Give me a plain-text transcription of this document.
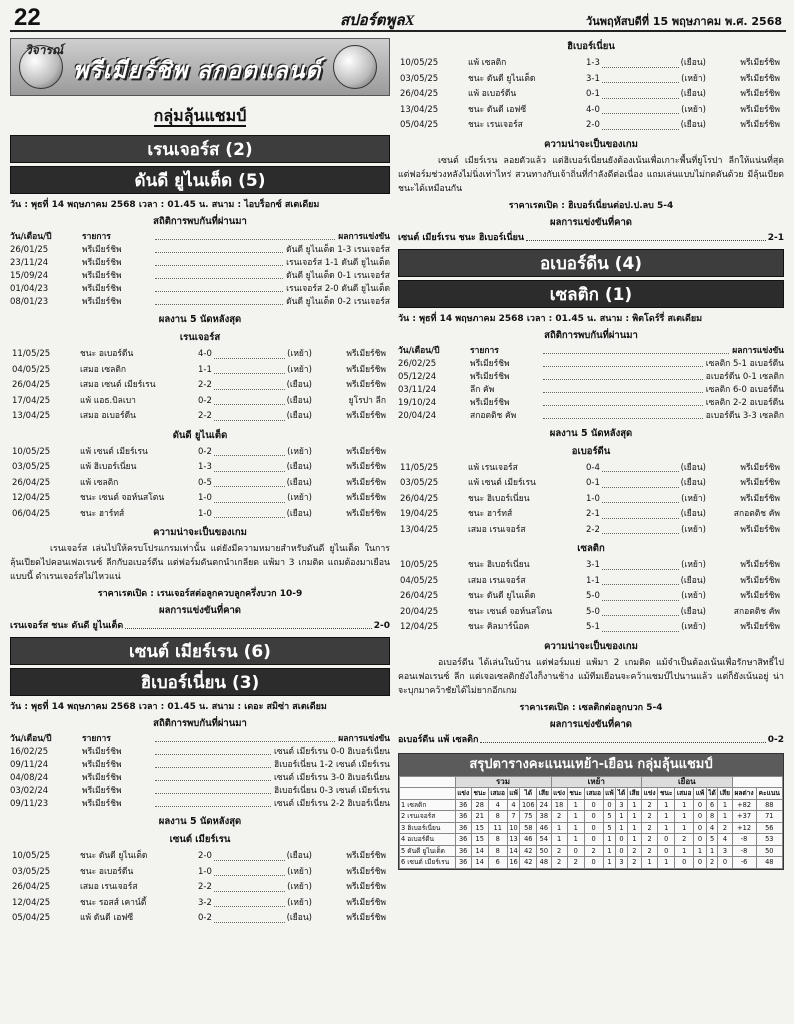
22	สปอร์ตพูลX	วันพฤหัสบดีที่ 15 พฤษภาคม พ.ศ. 2568
วิจารณ์
พรีเมียร์ชิพ สกอตแลนด์
กลุ่มลุ้นแชมป์
เรนเจอร์ส (2)
ดันดี ยูไนเต็ด (5)
วัน : พุธที่ 14 พฤษภาคม 2568 เวลา : 01.45 น. สนาม : ไอบร็อกซ์ สเตเดียม
สถิติการพบกันที่ผ่านมา
วัน/เดือน/ปี	รายการ	ผลการแข่งขัน
26/01/25	พรีเมียร์ชิพ	ดันดี ยูไนเต็ด 1-3 เรนเจอร์ส
23/11/24	พรีเมียร์ชิพ	เรนเจอร์ส 1-1 ดันดี ยูไนเต็ด
15/09/24	พรีเมียร์ชิพ	ดันดี ยูไนเต็ด 0-1 เรนเจอร์ส
01/04/23	พรีเมียร์ชิพ	เรนเจอร์ส 2-0 ดันดี ยูไนเต็ด
08/01/23	พรีเมียร์ชิพ	ดันดี ยูไนเต็ด 0-2 เรนเจอร์ส
ผลงาน 5 นัดหลังสุด
เรนเจอร์ส
11/05/25	ชนะ อเบอร์ดีน	4-0	(เหย้า)	พรีเมียร์ชิพ
04/05/25	เสมอ เซลติก	1-1	(เหย้า)	พรีเมียร์ชิพ
26/04/25	เสมอ เซนต์ เมียร์เรน	2-2	(เยือน)	พรีเมียร์ชิพ
17/04/25	แพ้ แอธ.บิลเบา	0-2	(เยือน)	ยูโรปา ลีก
13/04/25	เสมอ อเบอร์ดีน	2-2	(เยือน)	พรีเมียร์ชิพ
ดันดี ยูไนเต็ด
10/05/25	แพ้ เซนต์ เมียร์เรน	0-2	(เหย้า)	พรีเมียร์ชิพ
03/05/25	แพ้ ฮิเบอร์เนี่ยน	1-3	(เยือน)	พรีเมียร์ชิพ
26/04/25	แพ้ เซลติก	0-5	(เยือน)	พรีเมียร์ชิพ
12/04/25	ชนะ เซนต์ จอห์นสโตน	1-0	(เหย้า)	พรีเมียร์ชิพ
06/04/25	ชนะ ฮาร์ทส์	1-0	(เยือน)	พรีเมียร์ชิพ
ความน่าจะเป็นของเกม
เรนเจอร์ส เล่นไปให้ครบโปรแกรมเท่านั้น แต่ยังมีความหมายสำหรับดันดี ยูไนเต็ด ในการลุ้นเปียดไปคอนเฟอเรนซ์ ลีกกับอเบอร์ดีน แต่ฟอร์มดันตกนำเกลียด แพ้มา 3 เกมติด แถมต้องมาเยือนแบบนี้ ดำเรนเจอร์สไม่ไหวแน่
ราคาเรตเปิด : เรนเจอร์สต่อลูกควบลูกครึ่งบวก 10-9
ผลการแข่งขันที่คาด
เรนเจอร์ส ชนะ ดันดี ยูไนเต็ด	2-0
เซนต์ เมียร์เรน (6)
ฮิเบอร์เนี่ยน (3)
วัน : พุธที่ 14 พฤษภาคม 2568 เวลา : 01.45 น. สนาม : เดอะ สมิซ่า สเตเดียม
สถิติการพบกันที่ผ่านมา
วัน/เดือน/ปี	รายการ	ผลการแข่งขัน
16/02/25	พรีเมียร์ชิพ	เซนต์ เมียร์เรน 0-0 ฮิเบอร์เนี่ยน
09/11/24	พรีเมียร์ชิพ	ฮิเบอร์เนี่ยน 1-2 เซนต์ เมียร์เรน
04/08/24	พรีเมียร์ชิพ	เซนต์ เมียร์เรน 3-0 ฮิเบอร์เนี่ยน
03/02/24	พรีเมียร์ชิพ	ฮิเบอร์เนี่ยน 0-3 เซนต์ เมียร์เรน
09/11/23	พรีเมียร์ชิพ	เซนต์ เมียร์เรน 2-2 ฮิเบอร์เนี่ยน
ผลงาน 5 นัดหลังสุด
เซนต์ เมียร์เรน
10/05/25	ชนะ ดันดี ยูไนเต็ด	2-0	(เยือน)	พรีเมียร์ชิพ
03/05/25	ชนะ อเบอร์ดีน	1-0	(เหย้า)	พรีเมียร์ชิพ
26/04/25	เสมอ เรนเจอร์ส	2-2	(เหย้า)	พรีเมียร์ชิพ
12/04/25	ชนะ รอสส์ เคาน์ตี้	3-2	(เหย้า)	พรีเมียร์ชิพ
05/04/25	แพ้ ดันดี เอฟซี	0-2	(เยือน)	พรีเมียร์ชิพ
ฮิเบอร์เนี่ยน
10/05/25	แพ้ เซลติก	1-3	(เยือน)	พรีเมียร์ชิพ
03/05/25	ชนะ ดันดี ยูไนเต็ด	3-1	(เหย้า)	พรีเมียร์ชิพ
26/04/25	แพ้ อเบอร์ดีน	0-1	(เยือน)	พรีเมียร์ชิพ
13/04/25	ชนะ ดันดี เอฟซี	4-0	(เหย้า)	พรีเมียร์ชิพ
05/04/25	ชนะ เรนเจอร์ส	2-0	(เยือน)	พรีเมียร์ชิพ
ความน่าจะเป็นของเกม
เซนต์ เมียร์เรน ลอยตัวแล้ว แต่ฮิเบอร์เนี่ยนยังต้องเน้นเพื่อเกาะพื้นที่ยูโรปา ลีกให้แน่นที่สุด แต่ฟอร์มช่วงหลังไม่นิ่งเท่าไหร่ สวนทางกับเจ้าถิ่นที่กำลังดีต่อเนื่อง แถมเล่นแบบไม่กดดันด้วย มีลุ้นเบียดชนะได้เหมือนกัน
ราคาเรตเปิด : ฮิเบอร์เนี่ยนต่อป.ป.ลบ 5-4
ผลการแข่งขันที่คาด
เซนต์ เมียร์เรน ชนะ ฮิเบอร์เนี่ยน	2-1
อเบอร์ดีน (4)
เซลติก (1)
วัน : พุธที่ 14 พฤษภาคม 2568 เวลา : 01.45 น. สนาม : พิตโดร์รี่ สเตเดียม
สถิติการพบกันที่ผ่านมา
วัน/เดือน/ปี	รายการ	ผลการแข่งขัน
26/02/25	พรีเมียร์ชิพ	เซลติก 5-1 อเบอร์ดีน
05/12/24	พรีเมียร์ชิพ	อเบอร์ดีน 0-1 เซลติก
03/11/24	ลีก คัพ	เซลติก 6-0 อเบอร์ดีน
19/10/24	พรีเมียร์ชิพ	เซลติก 2-2 อเบอร์ดีน
20/04/24	สกอตติช คัพ	อเบอร์ดีน 3-3 เซลติก
ผลงาน 5 นัดหลังสุด
อเบอร์ดีน
11/05/25	แพ้ เรนเจอร์ส	0-4	(เยือน)	พรีเมียร์ชิพ
03/05/25	แพ้ เซนต์ เมียร์เรน	0-1	(เยือน)	พรีเมียร์ชิพ
26/04/25	ชนะ ฮิเบอร์เนี่ยน	1-0	(เหย้า)	พรีเมียร์ชิพ
19/04/25	ชนะ ฮาร์ทส์	2-1	(เยือน)	สกอตติช คัพ
13/04/25	เสมอ เรนเจอร์ส	2-2	(เหย้า)	พรีเมียร์ชิพ
เซลติก
10/05/25	ชนะ ฮิเบอร์เนี่ยน	3-1	(เหย้า)	พรีเมียร์ชิพ
04/05/25	เสมอ เรนเจอร์ส	1-1	(เยือน)	พรีเมียร์ชิพ
26/04/25	ชนะ ดันดี ยูไนเต็ด	5-0	(เหย้า)	พรีเมียร์ชิพ
20/04/25	ชนะ เซนต์ จอห์นสโตน	5-0	(เยือน)	สกอตติช คัพ
12/04/25	ชนะ คิลมาร์น็อค	5-1	(เหย้า)	พรีเมียร์ชิพ
ความน่าจะเป็นของเกม
อเบอร์ดีน ได้เล่นในบ้าน แต่ฟอร์มแย่ แพ้มา 2 เกมติด แม้จำเป็นต้องเน้นเพื่อรักษาสิทธิ์ไปคอนเฟอเรนซ์ ลีก แต่เจอเซลติกยังไงก็งานช้าง แม้ทีมเยือนจะคว้าแชมป์ไปนานแล้ว แต่ก็ยังเน้นอยู่ น่าจะบุกมาคว้าชัยได้ไม่ยากอีกเกม
ราคาเรตเปิด : เซลติกต่อลูกบวก 5-4
ผลการแข่งขันที่คาด
อเบอร์ดีน แพ้ เซลติก	0-2
สรุปตารางคะแนนเหย้า-เยือน กลุ่มลุ้นแชมป์
	รวม						เหย้า						เยือน							
	แข่ง	ชนะ	เสมอ	แพ้	ได้	เสีย	แข่ง	ชนะ	เสมอ	แพ้	ได้	เสีย	แข่ง	ชนะ	เสมอ	แพ้	ได้	เสีย	ผลต่าง	คะแนน
1 เซลติก	36	28	4	4	106	24	18	1	0	0	3	1	2	1	1	0	6	1	+82	88
2 เรนเจอร์ส	36	21	8	7	75	38	2	1	0	5	1	1	2	1	1	0	8	1	+37	71
3 ฮิเบอร์เนี่ยน	36	15	11	10	58	46	1	1	0	5	1	1	2	1	1	0	4	2	+12	56
4 อเบอร์ดีน	36	15	8	13	46	54	1	1	0	1	0	1	2	0	2	0	5	4	-8	53
5 ดันดี ยูไนเต็ด	36	14	8	14	42	50	2	0	2	1	0	2	2	0	1	1	1	3	-8	50
6 เซนต์ เมียร์เรน	36	14	6	16	42	48	2	2	0	1	3	2	1	1	0	0	2	0	-6	48
